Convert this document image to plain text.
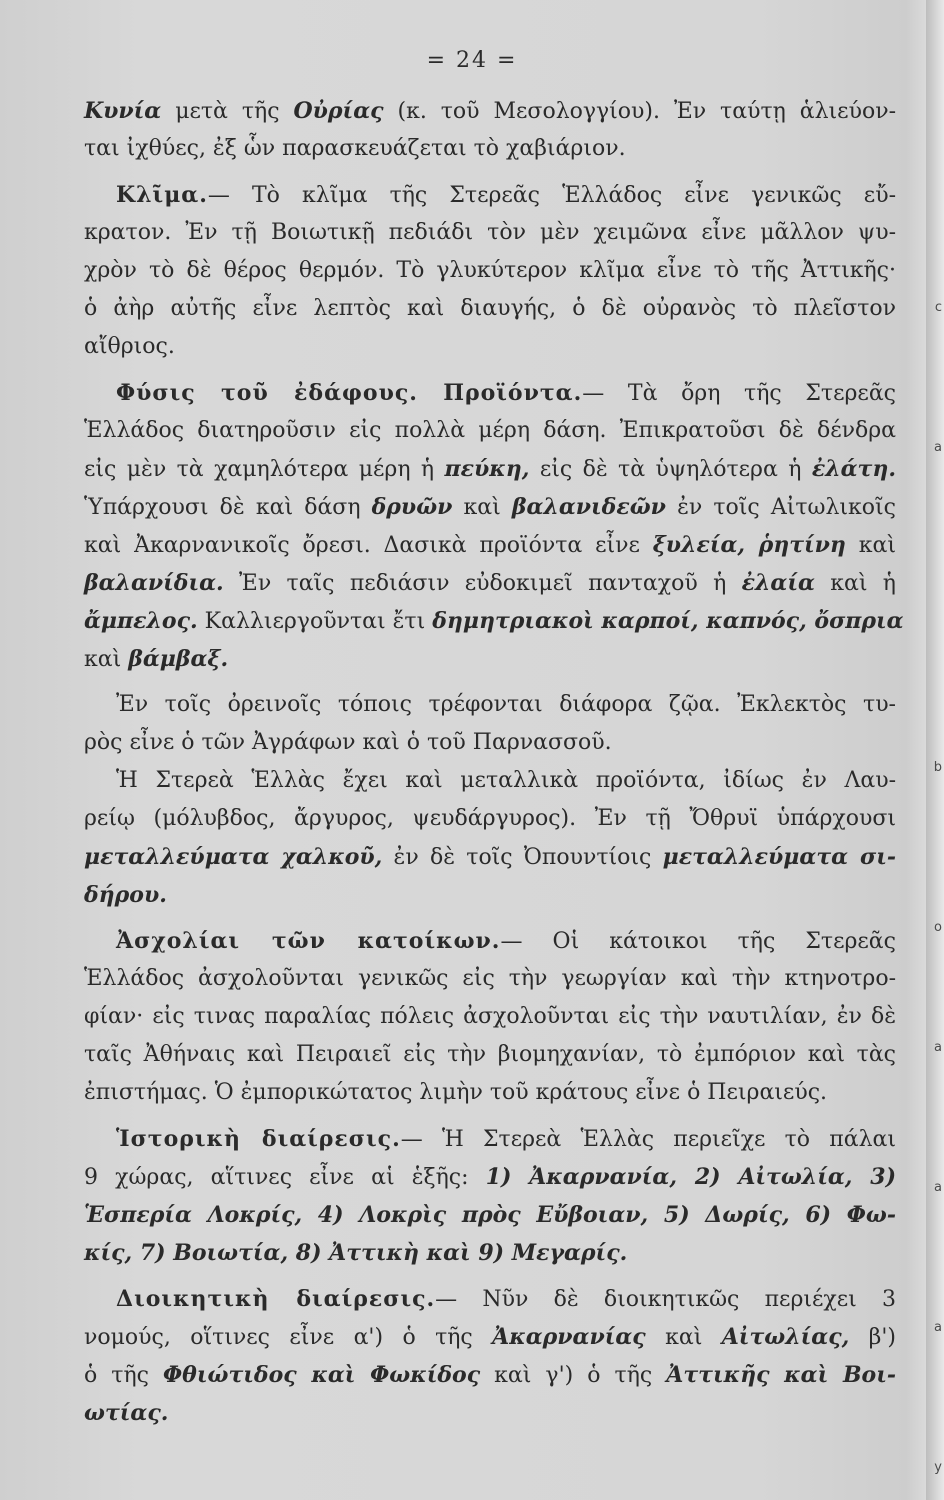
= 24 =
Κυνία μετὰ τῆς Οὐρίας (κ. τοῦ Μεσολογγίου). Ἐν ταύτῃ ἁλιεύον-
ται ἰχθύες, ἐξ ὧν παρασκευάζεται τὸ χαβιάριον.
Κλῖμα.— Τὸ κλῖμα τῆς Στερεᾶς Ἑλλάδος εἶνε γενικῶς εὔ-
κρατον. Ἐν τῇ Βοιωτικῇ πεδιάδι τὸν μὲν χειμῶνα εἶνε μᾶλλον ψυ-
χρὸν τὸ δὲ θέρος θερμόν. Τὸ γλυκύτερον κλῖμα εἶνε τὸ τῆς Ἀττικῆς·
ὁ ἀὴρ αὐτῆς εἶνε λεπτὸς καὶ διαυγής, ὁ δὲ οὐρανὸς τὸ πλεῖστον
αἴθριος.
Φύσις τοῦ ἐδάφους. Προϊόντα.— Τὰ ὄρη τῆς Στερεᾶς
Ἑλλάδος διατηροῦσιν εἰς πολλὰ μέρη δάση. Ἐπικρατοῦσι δὲ δένδρα
εἰς μὲν τὰ χαμηλότερα μέρη ἡ πεύκη, εἰς δὲ τὰ ὑψηλότερα ἡ ἐλάτη.
Ὑπάρχουσι δὲ καὶ δάση δρυῶν καὶ βαλανιδεῶν ἐν τοῖς Αἰτωλικοῖς
καὶ Ἀκαρνανικοῖς ὄρεσι. Δασικὰ προϊόντα εἶνε ξυλεία, ῥητίνη καὶ
βαλανίδια. Ἐν ταῖς πεδιάσιν εὐδοκιμεῖ πανταχοῦ ἡ ἐλαία καὶ ἡ
ἄμπελος. Καλλιεργοῦνται ἔτι δημητριακοὶ καρποί, καπνός, ὄσπρια
καὶ βάμβαξ.
Ἐν τοῖς ὀρεινοῖς τόποις τρέφονται διάφορα ζῷα. Ἐκλεκτὸς τυ-
ρὸς εἶνε ὁ τῶν Ἀγράφων καὶ ὁ τοῦ Παρνασσοῦ.
Ἡ Στερεὰ Ἑλλὰς ἔχει καὶ μεταλλικὰ προϊόντα, ἰδίως ἐν Λαυ-
ρείῳ (μόλυβδος, ἄργυρος, ψευδάργυρος). Ἐν τῇ Ὄθρυϊ ὑπάρχουσι
μεταλλεύματα χαλκοῦ, ἐν δὲ τοῖς Ὀπουντίοις μεταλλεύματα σι-
δήρου.
Ἀσχολίαι τῶν κατοίκων.— Οἱ κάτοικοι τῆς Στερεᾶς
Ἑλλάδος ἀσχολοῦνται γενικῶς εἰς τὴν γεωργίαν καὶ τὴν κτηνοτρο-
φίαν· εἰς τινας παραλίας πόλεις ἀσχολοῦνται εἰς τὴν ναυτιλίαν, ἐν δὲ
ταῖς Ἀθήναις καὶ Πειραιεῖ εἰς τὴν βιομηχανίαν, τὸ ἐμπόριον καὶ τὰς
ἐπιστήμας. Ὁ ἐμπορικώτατος λιμὴν τοῦ κράτους εἶνε ὁ Πειραιεύς.
Ἱστορικὴ διαίρεσις.— Ἡ Στερεὰ Ἑλλὰς περιεῖχε τὸ πάλαι
9 χώρας, αἵτινες εἶνε αἱ ἑξῆς: 1) Ἀκαρνανία, 2) Αἰτωλία, 3)
Ἑσπερία Λοκρίς, 4) Λοκρὶς πρὸς Εὔβοιαν, 5) Δωρίς, 6) Φω-
κίς, 7) Βοιωτία, 8) Ἀττικὴ καὶ 9) Μεγαρίς.
Διοικητικὴ διαίρεσις.— Νῦν δὲ διοικητικῶς περιέχει 3
νομούς, οἵτινες εἶνε α') ὁ τῆς Ἀκαρνανίας καὶ Αἰτωλίας, β')
ὁ τῆς Φθιώτιδος καὶ Φωκίδος καὶ γ') ὁ τῆς Ἀττικῆς καὶ Βοι-
ωτίας.
c
a
b
o
a
a
a
y
